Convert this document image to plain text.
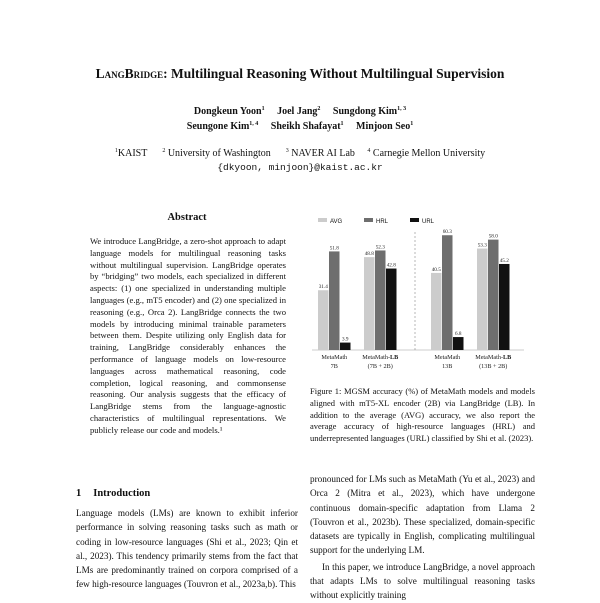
LangBridge: Multilingual Reasoning Without Multilingual Supervision
Dongkeun Yoon$^1$ Joel Jang$^2$ Sungdong Kim$^{1, 3}$
Seungone Kim$^{1, 4}$ Sheikh Shafayat$^1$ Minjoon Seo$^1$
$^1$KAIST	$^2$ University of Washington	$^3$ NAVER AI Lab $^4$ Carnegie Mellon University
{dkyoon, minjoon}@kaist.ac.kr
Abstract
We introduce LangBridge, a zero-shot approach to adapt language models for multilingual reasoning tasks without multilingual supervision. LangBridge operates by “bridging” two models, each specialized in different aspects: (1) one specialized in understanding multiple languages (e.g., mT5 encoder) and (2) one specialized in reasoning (e.g., Orca 2). LangBridge connects the two models by introducing minimal trainable parameters between them. Despite utilizing only English data for training, LangBridge considerably enhances the performance of language models on low-resource languages across mathematical reasoning, code completion, logical reasoning, and commonsense reasoning. Our analysis suggests that the efficacy of LangBridge stems from the language-agnostic characteristics of multilingual representations. We publicly release our code and models.¹
1 Introduction
Language models (LMs) are known to exhibit inferior performance in solving reasoning tasks such as math or coding in low-resource languages (Shi et al., 2023; Qin et al., 2023). This tendency primarily stems from the fact that LMs are predominantly trained on corpora comprised of a few high-resource languages (Touvron et al., 2023a,b). This
AVG	HRL	URL
31.4
51.8
3.9
MetaMath
7B
48.8
52.3
42.8
MetaMath-LB
(7B + 2B)
40.5
60.3
6.8
MetaMath
13B
53.3
58.0
45.2
MetaMath-LB
(13B + 2B)
Figure 1: MGSM accuracy (%) of MetaMath models and models aligned with mT5-XL encoder (2B) via LangBridge (LB). In addition to the average (AVG) accuracy, we also report the average accuracy of high-resource languages (HRL) and underrepresented languages (URL) classified by Shi et al. (2023).

pronounced for LMs such as MetaMath (Yu et al., 2023) and Orca 2 (Mitra et al., 2023), which have undergone continuous domain-specific adaptation from Llama 2 (Touvron et al., 2023b). These specialized, domain-specific datasets are typically in English, complicating multilingual support for the underlying LM.

In this paper, we introduce LangBridge, a novel approach that adapts LMs to solve multilingual reasoning tasks without explicitly training
